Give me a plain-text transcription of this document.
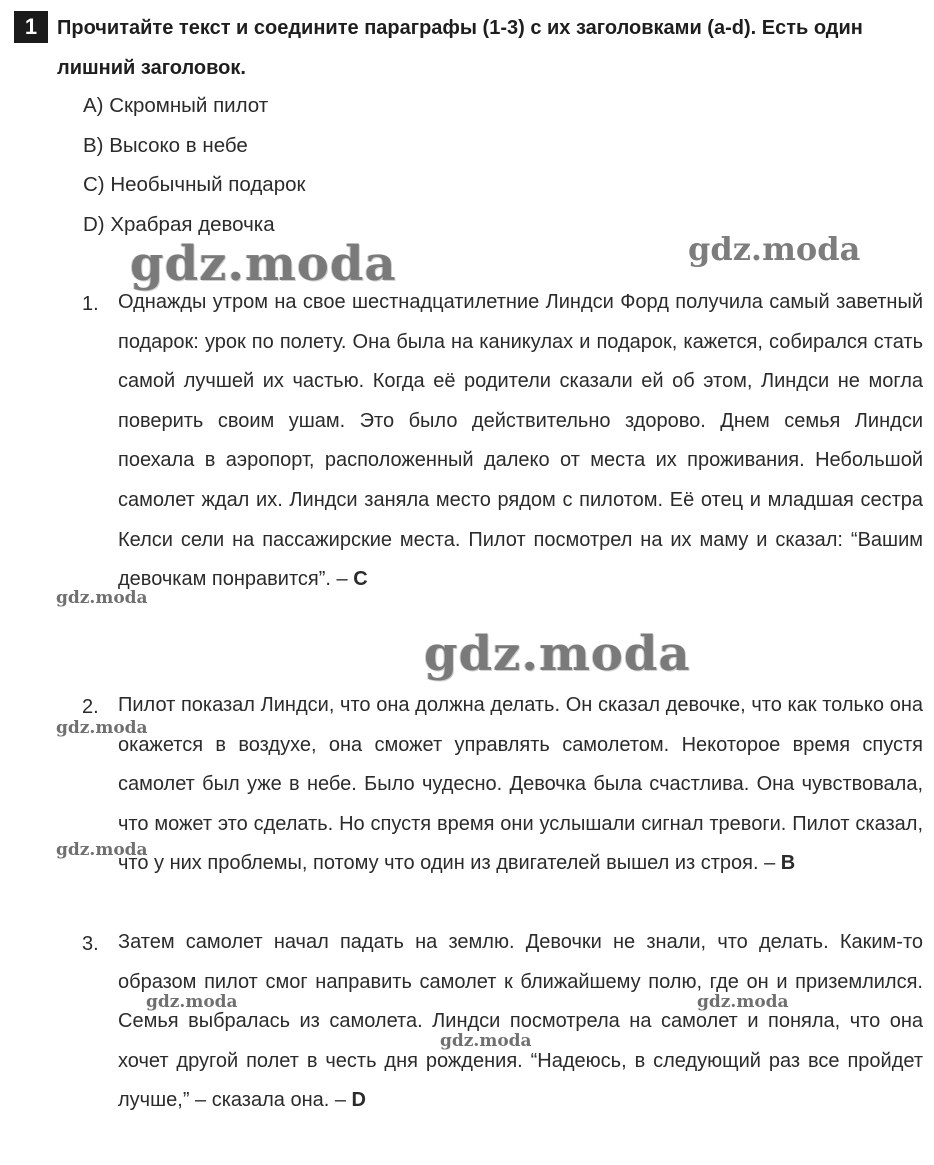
1 Прочитайте текст и соедините параграфы (1-3) с их заголовками (a-d). Есть один лишний заголовок.
A) Скромный пилот
B) Высоко в небе
C) Необычный подарок
D) Храбрая девочка
1. Однажды утром на свое шестнадцатилетние Линдси Форд получила самый заветный подарок: урок по полету. Она была на каникулах и подарок, кажется, собирался стать самой лучшей их частью. Когда её родители сказали ей об этом, Линдси не могла поверить своим ушам. Это было действительно здорово. Днем семья Линдси поехала в аэропорт, расположенный далеко от места их проживания. Небольшой самолет ждал их. Линдси заняла место рядом с пилотом. Её отец и младшая сестра Келси сели на пассажирские места. Пилот посмотрел на их маму и сказал: “Вашим девочкам понравится”. – C
2. Пилот показал Линдси, что она должна делать. Он сказал девочке, что как только она окажется в воздухе, она сможет управлять самолетом. Некоторое время спустя самолет был уже в небе. Было чудесно. Девочка была счастлива. Она чувствовала, что может это сделать. Но спустя время они услышали сигнал тревоги. Пилот сказал, что у них проблемы, потому что один из двигателей вышел из строя. – B
3. Затем самолет начал падать на землю. Девочки не знали, что делать. Каким-то образом пилот смог направить самолет к ближайшему полю, где он и приземлился. Семья выбралась из самолета. Линдси посмотрела на самолет и поняла, что она хочет другой полет в честь дня рождения. “Надеюсь, в следующий раз все пройдет лучше,” – сказала она. – D
gdz.moda	gdz.moda
gdz.moda
gdz.moda
gdz.moda
gdz.moda
gdz.moda	gdz.moda
gdz.moda
